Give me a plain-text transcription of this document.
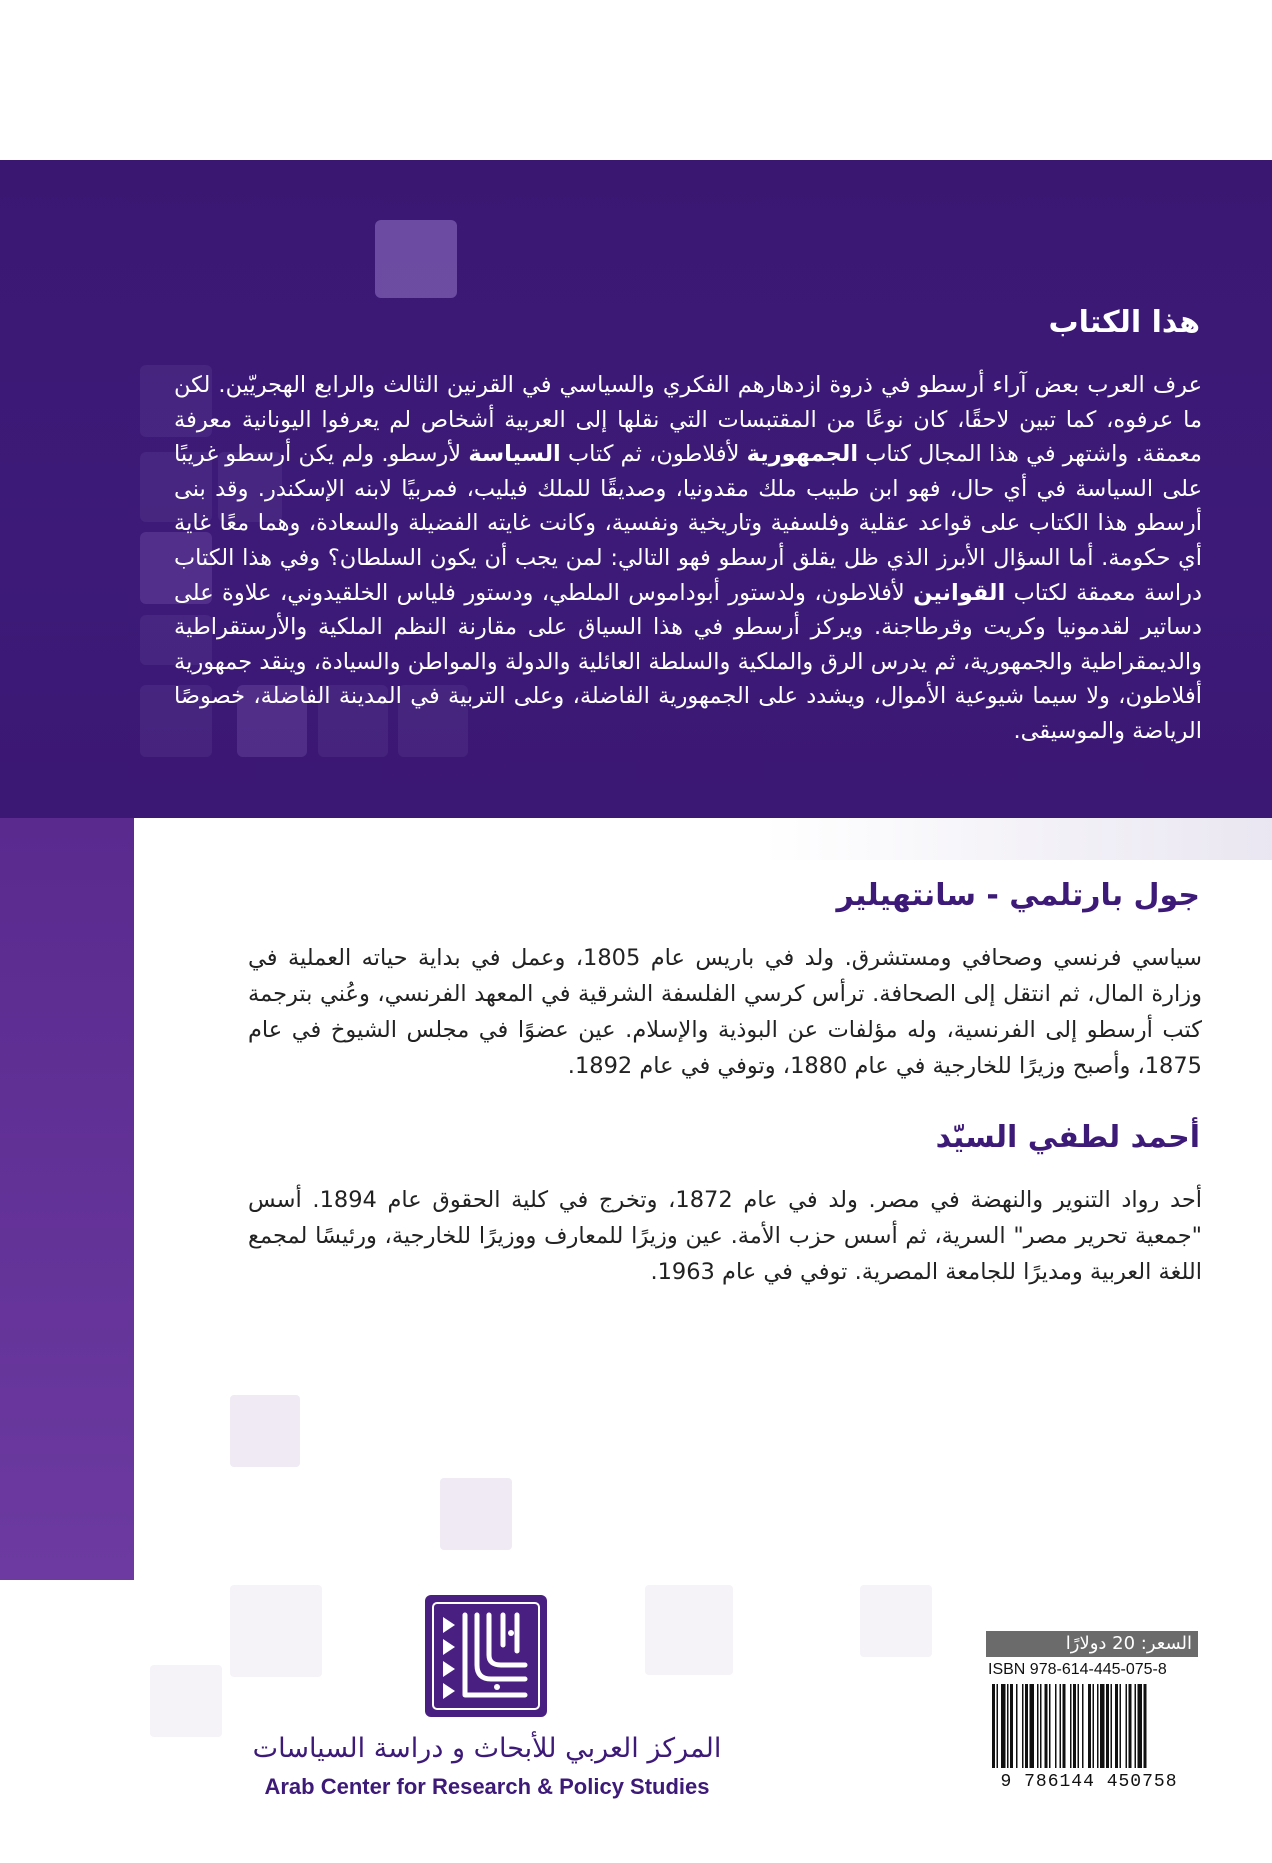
هذا الكتاب
عرف العرب بعض آراء أرسطو في ذروة ازدهارهم الفكري والسياسي في القرنين الثالث والرابع الهجريّين. لكن ما عرفوه، كما تبين لاحقًا، كان نوعًا من المقتبسات التي نقلها إلى العربية أشخاص لم يعرفوا اليونانية معرفة معمقة. واشتهر في هذا المجال كتاب الجمهورية لأفلاطون، ثم كتاب السياسة لأرسطو. ولم يكن أرسطو غريبًا على السياسة في أي حال، فهو ابن طبيب ملك مقدونيا، وصديقًا للملك فيليب، فمربيًا لابنه الإسكندر. وقد بنى أرسطو هذا الكتاب على قواعد عقلية وفلسفية وتاريخية ونفسية، وكانت غايته الفضيلة والسعادة، وهما معًا غاية أي حكومة. أما السؤال الأبرز الذي ظل يقلق أرسطو فهو التالي: لمن يجب أن يكون السلطان؟ وفي هذا الكتاب دراسة معمقة لكتاب القوانين لأفلاطون، ولدستور أبوداموس الملطي، ودستور فلياس الخلقيدوني، علاوة على دساتير لقدمونيا وكريت وقرطاجنة. ويركز أرسطو في هذا السياق على مقارنة النظم الملكية والأرستقراطية والديمقراطية والجمهورية، ثم يدرس الرق والملكية والسلطة العائلية والدولة والمواطن والسيادة، وينقد جمهورية أفلاطون، ولا سيما شيوعية الأموال، ويشدد على الجمهورية الفاضلة، وعلى التربية في المدينة الفاضلة، خصوصًا الرياضة والموسيقى.
جول بارتلمي - سانتهيلير
سياسي فرنسي وصحافي ومستشرق. ولد في باريس عام 1805، وعمل في بداية حياته العملية في وزارة المال، ثم انتقل إلى الصحافة. ترأس كرسي الفلسفة الشرقية في المعهد الفرنسي، وعُني بترجمة كتب أرسطو إلى الفرنسية، وله مؤلفات عن البوذية والإسلام. عين عضوًا في مجلس الشيوخ في عام 1875، وأصبح وزيرًا للخارجية في عام 1880، وتوفي في عام 1892.
أحمد لطفي السيّد
أحد رواد التنوير والنهضة في مصر. ولد في عام 1872، وتخرج في كلية الحقوق عام 1894. أسس "جمعية تحرير مصر" السرية، ثم أسس حزب الأمة. عين وزيرًا للمعارف ووزيرًا للخارجية، ورئيسًا لمجمع اللغة العربية ومديرًا للجامعة المصرية. توفي في عام 1963.
المركز العربي للأبحاث و دراسة السياسات
Arab Center for Research & Policy Studies
السعر: 20 دولارًا
ISBN 978-614-445-075-8
9 786144 450758
